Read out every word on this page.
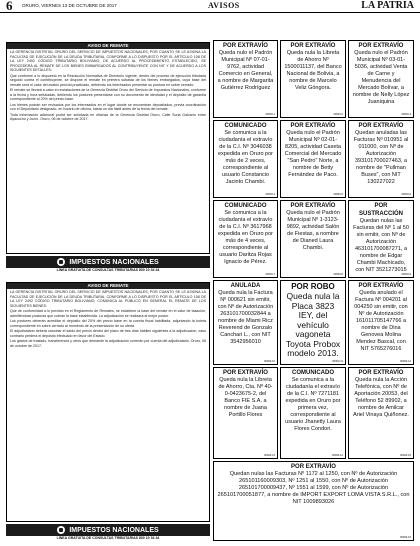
6 ORURO, VIERNES 13 DE OCTUBRE DE 2017	AVISOS	LA PATRIA
AVISO DE REMATE

LA GERENCIA DISTRITAL ORURO DEL SERVICIO DE IMPUESTOS NACIONALES, POR CUANTO SE LE ASIGNA LA FACULTAD DE EJECUCIÓN DE LA DEUDA TRIBUTARIA, CONFORME A LO DISPUESTO POR EL ARTÍCULO 108 DE LA LEY 2492 CÓDIGO TRIBUTARIO BOLIVIANO, DE ACUERDO AL PROCEDIMIENTO ESTABLECIDO, SE PROCEDERÁ AL REMATE DE LOS BIENES EMBARGADOS AL CONTRIBUYENTE CON NIT Y DE ACUERDO A LOS SIGUIENTES DETALLES:

Que conforme a lo dispuesto en la Resolución Normativa de Directorio vigente, dentro del proceso de ejecución tributaria seguido contra el contribuyente, se dispone el remate en primera subasta de los bienes embargados, cuya base del remate será el valor del avalúo pericial practicado, debiendo los interesados presentar su postura en sobre cerrado.

El remate se llevará a cabo en instalaciones de la Gerencia Distrital Oruro del Servicio de Impuestos Nacionales, conforme a la fecha y hora señaladas, debiendo los postores presentarse con su documento de identidad y el depósito de garantía correspondiente al 20% del precio base.

Los bienes podrán ser revisados por los interesados en el lugar donde se encuentran depositados, previa coordinación con el Depositario designado, en horario de oficina, hasta un día hábil antes de la fecha del remate.

Toda información adicional podrá ser solicitada en oficinas de la Gerencia Distrital Oruro, Calle Soria Galvarro entre Ayacucho y Junín. Oruro, 06 de octubre de 2017.

IMPUESTOS NACIONALES
LÍNEA GRATUITA DE CONSULTAS TRIBUTARIAS 800 10 34 44
AVISO DE REMATE

LA GERENCIA DISTRITAL ORURO DEL SERVICIO DE IMPUESTOS NACIONALES, POR CUANTO SE LE ASIGNA LA FACULTAD DE EJECUCIÓN DE LA DEUDA TRIBUTARIA, CONFORME A LO DISPUESTO POR EL ARTÍCULO 108 DE LA LEY 2492 CÓDIGO TRIBUTARIO BOLIVIANO, COMUNICA AL PÚBLICO EN GENERAL EL REMATE DE LOS SIGUIENTES BIENES:

Que de conformidad a lo previsto en el Reglamento de Remates, se establece la base del remate en el valor de tasación, admitiéndose posturas que cubran la base establecida. La adjudicación se realizará al mejor postor.

Los postores deberán acreditar el depósito del 20% del precio base en la cuenta fiscal habilitada, adjuntando la boleta correspondiente en sobre cerrado al momento de la presentación de su oferta.

El adjudicatario deberá cancelar el saldo del precio dentro del plazo de tres días hábiles siguientes a la adjudicación, caso contrario perderá el depósito efectuado en favor del Estado.

Los gastos de traslado, transferencia y otros que demande la adjudicación correrán por cuenta del adjudicatario. Oruro, 06 de octubre de 2017.

IMPUESTOS NACIONALES
LÍNEA GRATUITA DE CONSULTAS TRIBUTARIAS 800 10 34 44
POR EXTRAVÍO
Queda nulo el Padrón Municipal Nº 07-01-9762, actividad Comercio en General, a nombre de Margarita Gutiérrez Rodríguez
00000-1
POR EXTRAVÍO
Queda nula la Libreta de Ahorro Nº 1500011137, del Banco Nacional de Bolivia, a nombre de Marcelo Veliz Góngora.
00000-2
POR EXTRAVÍO
Queda nulo el Padrón Municipal Nº 03-01-5036, actividad Venta de Carne y Menudencia del Mercado Bolívar, a nombre de Nelly López Juaniquina
00000-3
COMUNICADO
Se comunica a la ciudadanía el extravío de la C.I. Nº 3046038 expedida en Oruro por más de 2 veces, correspondiente al usuario Constancio Jacinto Chambi.
00000-4
POR EXTRAVÍO
Queda nulo el Padrón Municipal Nº 02-01-8205, actividad Caseta Comercial del Mercado "San Pedro" Norte, a nombre de Betty Fernández de Paco.
00000-5
POR EXTRAVÍO
Quedan anuladas las Facturas Nº 010951 al 011000, con Nº de Autorización 393101700027463, a nombre de "Pullman Buses", con NIT 130227022
00000-6
COMUNICADO
Se comunica a la ciudadanía el extravío de la C.I. Nº 3617968 expedida en Oruro por más de 4 veces, correspondiente al usuario Daritza Rojas Ignacio de Pérez.
00000-7
POR EXTRAVÍO
Queda nulo el Padrón Municipal Nº 1-3123-9892, actividad Salón de Fiestas, a nombre de Dianed Laura Chambi.
00000-8
POR SUSTRACCIÓN
Quedan nulas las Facturas del Nº 1 al 50 sin emitir, con Nº de Autorización 463101700087271, a nombre de Edgar Chambi Machicado, con NIT 3521273015
00000-9
ANULADA
Queda nula la Factura Nº 000621 sin emitir, con Nº de Autorización 263101700032844 a nombre de Miami Ricz Reverend de Gonzalo Canchari L., con NIT 3542956010
00000-10
POR ROBO
Queda nula la Placa 3823 IEY, del vehículo vagoneta Toyota Probox modelo 2013.
00000-11
POR EXTRAVÍO
Queda anulado el Factura Nº 004201 al 004250 sin emitir, con Nº de Autorización 161011705147766 a nombre de Dina Genovea Molina Mendez Bascal, con NIT 5765276016
00000-12
POR EXTRAVÍO
Queda nula la Libreta de Ahorro, Cta. Nº 40-0-0423675-2, del Banco FIE S.A. a nombre de Juana Portillo Flores
00000-13
COMUNICADO
Se comunica a la ciudadanía el extravío de la C.I. Nº 7271181 expedida en Oruro por primera vez, correspondiente al usuario Jhanetly Laura Flores Condori.
00000-14
POR EXTRAVÍO
Queda nula la Acción Telefónica, con Nº de Aportación 20053, del Teléfono 52 89902, a nombre de Amilcar Ariel Vinaya Quiñonez.
00000-15
POR EXTRAVÍO
Quedan nulas las Facturas Nº 1172 al 1250, con Nº de Autorización 265101160009303, Nº 1251 al 1550, con Nº de Autorización 265101700009437, Nº 1551 al 1599, con Nº de Autorización 265101700051877, a nombre de IMPORT EXPORT LOMA VISTA S.R.L., con NIT 1009893026
00000-16
